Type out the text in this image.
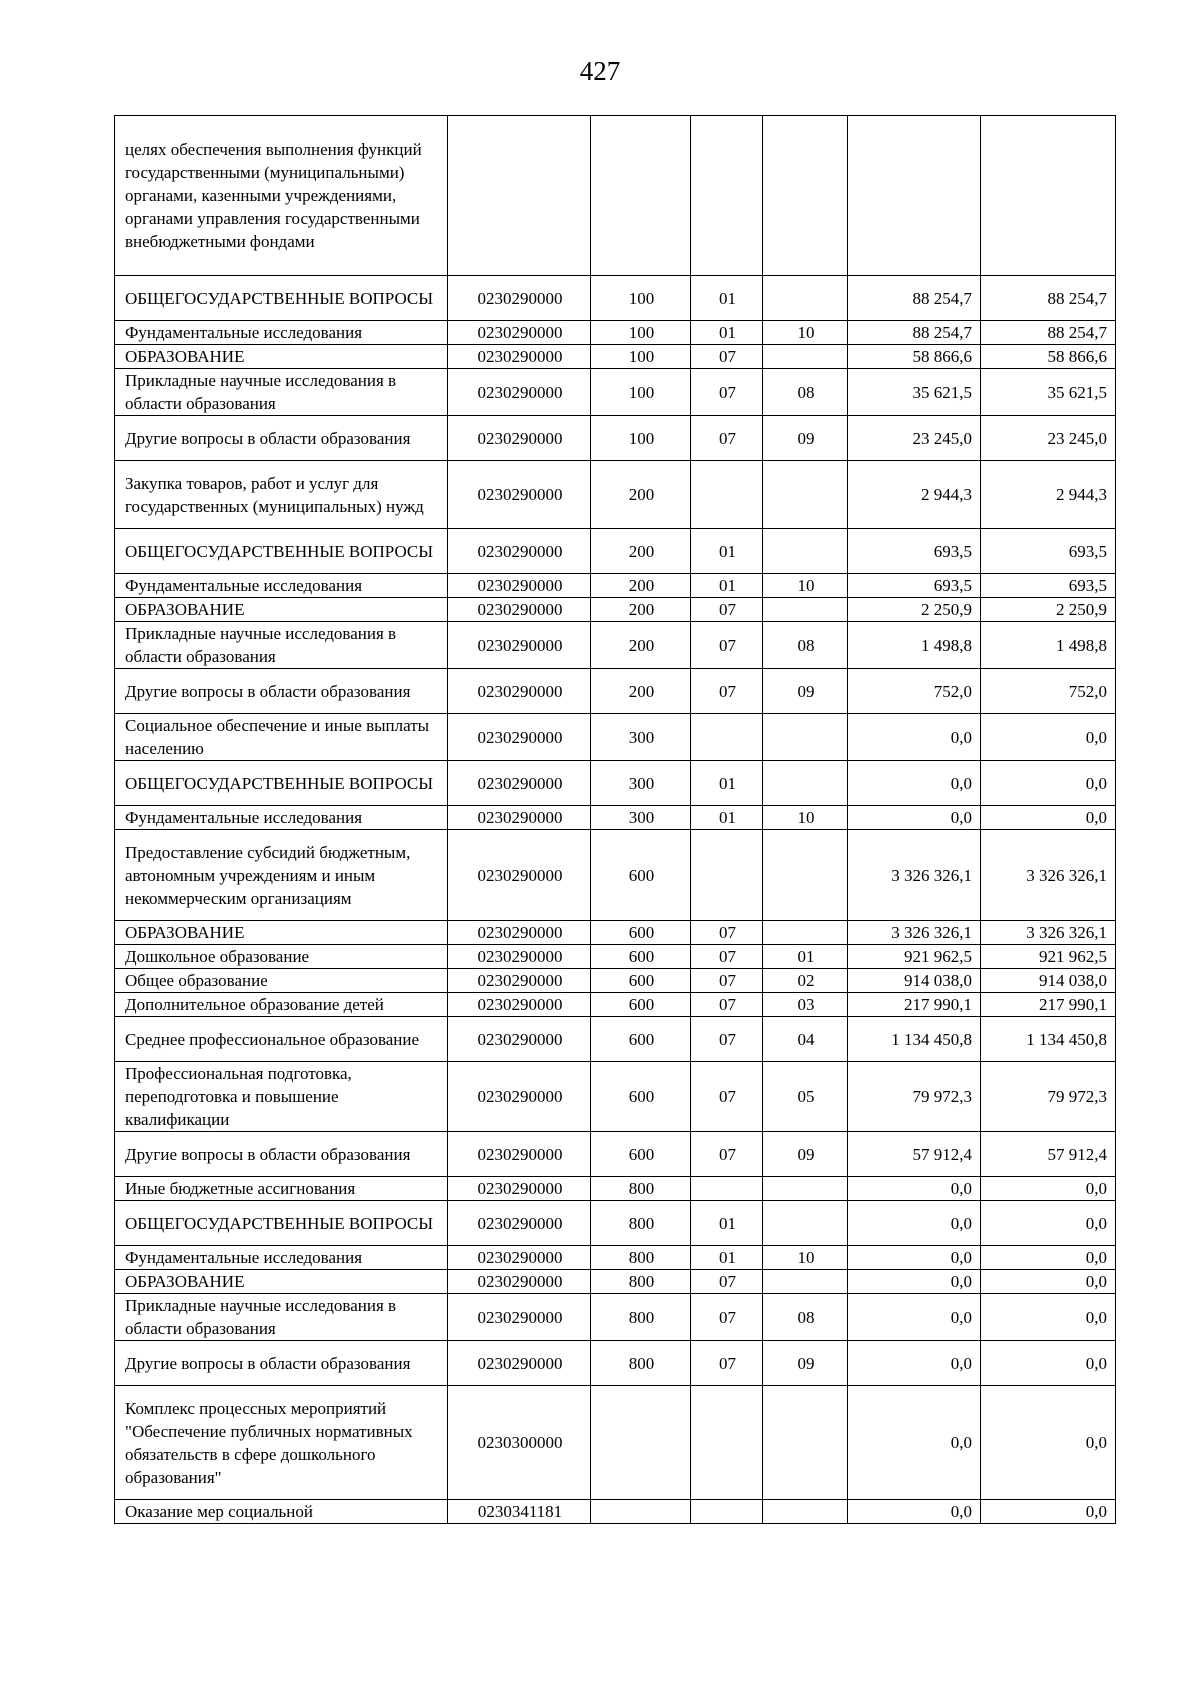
427
целях обеспечения выполнения функций государственными (муниципальными) органами, казенными учреждениями, органами управления государственными внебюджетными фондами						
ОБЩЕГОСУДАРСТВЕННЫЕ ВОПРОСЫ	0230290000	100	01		88 254,7	88 254,7
Фундаментальные исследования	0230290000	100	01	10	88 254,7	88 254,7
ОБРАЗОВАНИЕ	0230290000	100	07		58 866,6	58 866,6
Прикладные научные исследования в области образования	0230290000	100	07	08	35 621,5	35 621,5
Другие вопросы в области образования	0230290000	100	07	09	23 245,0	23 245,0
Закупка товаров, работ и услуг для государственных (муниципальных) нужд	0230290000	200			2 944,3	2 944,3
ОБЩЕГОСУДАРСТВЕННЫЕ ВОПРОСЫ	0230290000	200	01		693,5	693,5
Фундаментальные исследования	0230290000	200	01	10	693,5	693,5
ОБРАЗОВАНИЕ	0230290000	200	07		2 250,9	2 250,9
Прикладные научные исследования в области образования	0230290000	200	07	08	1 498,8	1 498,8
Другие вопросы в области образования	0230290000	200	07	09	752,0	752,0
Социальное обеспечение и иные выплаты населению	0230290000	300			0,0	0,0
ОБЩЕГОСУДАРСТВЕННЫЕ ВОПРОСЫ	0230290000	300	01		0,0	0,0
Фундаментальные исследования	0230290000	300	01	10	0,0	0,0
Предоставление субсидий бюджетным, автономным учреждениям и иным некоммерческим организациям	0230290000	600			3 326 326,1	3 326 326,1
ОБРАЗОВАНИЕ	0230290000	600	07		3 326 326,1	3 326 326,1
Дошкольное образование	0230290000	600	07	01	921 962,5	921 962,5
Общее образование	0230290000	600	07	02	914 038,0	914 038,0
Дополнительное образование детей	0230290000	600	07	03	217 990,1	217 990,1
Среднее профессиональное образование	0230290000	600	07	04	1 134 450,8	1 134 450,8
Профессиональная подготовка, переподготовка и повышение квалификации	0230290000	600	07	05	79 972,3	79 972,3
Другие вопросы в области образования	0230290000	600	07	09	57 912,4	57 912,4
Иные бюджетные ассигнования	0230290000	800			0,0	0,0
ОБЩЕГОСУДАРСТВЕННЫЕ ВОПРОСЫ	0230290000	800	01		0,0	0,0
Фундаментальные исследования	0230290000	800	01	10	0,0	0,0
ОБРАЗОВАНИЕ	0230290000	800	07		0,0	0,0
Прикладные научные исследования в области образования	0230290000	800	07	08	0,0	0,0
Другие вопросы в области образования	0230290000	800	07	09	0,0	0,0
Комплекс процессных мероприятий "Обеспечение публичных нормативных обязательств в сфере дошкольного образования"	0230300000				0,0	0,0
Оказание мер социальной	0230341181				0,0	0,0
